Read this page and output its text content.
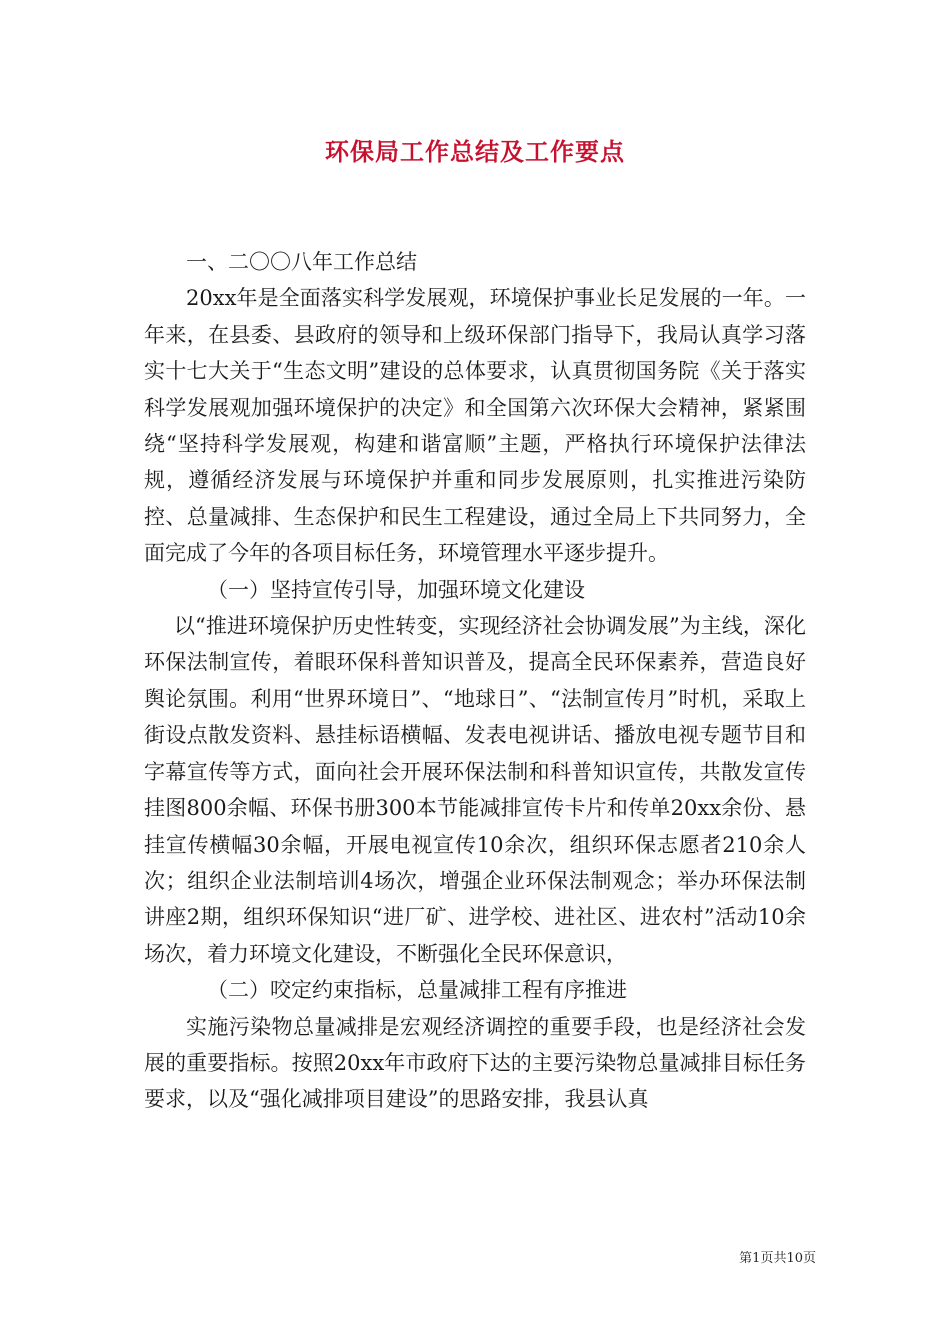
环保局工作总结及工作要点

一、二〇〇八年工作总结

20xx年是全面落实科学发展观，环境保护事业长足发展的一年。一年来，在县委、县政府的领导和上级环保部门指导下，我局认真学习落实十七大关于“生态文明”建设的总体要求，认真贯彻国务院《关于落实科学发展观加强环境保护的决定》和全国第六次环保大会精神，紧紧围绕“坚持科学发展观，构建和谐富顺”主题，严格执行环境保护法律法规，遵循经济发展与环境保护并重和同步发展原则，扎实推进污染防控、总量减排、生态保护和民生工程建设，通过全局上下共同努力，全面完成了今年的各项目标任务，环境管理水平逐步提升。

（一）坚持宣传引导，加强环境文化建设

以“推进环境保护历史性转变，实现经济社会协调发展”为主线，深化环保法制宣传，着眼环保科普知识普及，提高全民环保素养，营造良好舆论氛围。利用“世界环境日”、“地球日”、“法制宣传月”时机，采取上街设点散发资料、悬挂标语横幅、发表电视讲话、播放电视专题节目和字幕宣传等方式，面向社会开展环保法制和科普知识宣传，共散发宣传挂图800余幅、环保书册300本节能减排宣传卡片和传单20xx余份、悬挂宣传横幅30余幅，开展电视宣传10余次，组织环保志愿者210余人次；组织企业法制培训4场次，增强企业环保法制观念；举办环保法制讲座2期，组织环保知识“进厂矿、进学校、进社区、进农村”活动10余场次，着力环境文化建设，不断强化全民环保意识，

（二）咬定约束指标，总量减排工程有序推进

实施污染物总量减排是宏观经济调控的重要手段，也是经济社会发展的重要指标。按照20xx年市政府下达的主要污染物总量减排目标任务要求，以及“强化减排项目建设”的思路安排，我县认真

第1页共10页
